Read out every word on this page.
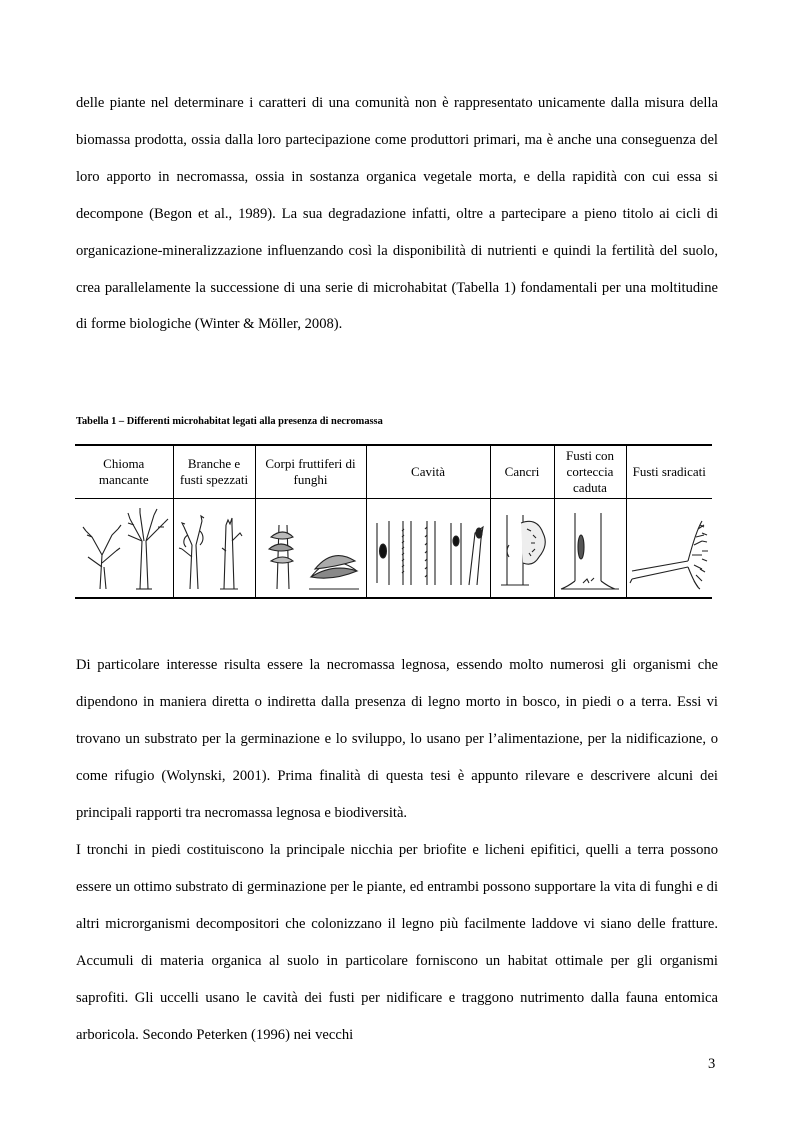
delle piante nel determinare i caratteri di una comunità non è rappresentato unicamente dalla misura della biomassa prodotta, ossia dalla loro partecipazione come produttori primari, ma è anche una conseguenza del loro apporto in necromassa, ossia in sostanza organica vegetale morta, e della rapidità con cui essa si decompone (Begon et al., 1989). La sua degradazione infatti, oltre a partecipare a pieno titolo ai cicli di organicazione-mineralizzazione influenzando così la disponibilità di nutrienti e quindi la fertilità del suolo, crea parallelamente la successione di una serie di microhabitat (Tabella 1) fondamentali per una moltitudine di forme biologiche (Winter & Möller, 2008).

Tabella 1 – Differenti microhabitat legati alla presenza di necromassa

Chioma mancante	Branche e fusti spezzati	Corpi fruttiferi di funghi	Cavità	Cancri	Fusti con corteccia caduta	Fusti sradicati

Di particolare interesse risulta essere la necromassa legnosa, essendo molto numerosi gli organismi che dipendono in maniera diretta o indiretta dalla presenza di legno morto in bosco, in piedi o a terra. Essi vi trovano un substrato per la germinazione e lo sviluppo, lo usano per l’alimentazione, per la nidificazione, o come rifugio (Wolynski, 2001). Prima finalità di questa tesi è appunto rilevare e descrivere alcuni dei principali rapporti tra necromassa legnosa e biodiversità.

I tronchi in piedi costituiscono la principale nicchia per briofite e licheni epifitici, quelli a terra possono essere un ottimo substrato di germinazione per le piante, ed entrambi possono supportare la vita di funghi e di altri microrganismi decompositori che colonizzano il legno più facilmente laddove vi siano delle fratture. Accumuli di materia organica al suolo in particolare forniscono un habitat ottimale per gli organismi saprofiti. Gli uccelli usano le cavità dei fusti per nidificare e traggono nutrimento dalla fauna entomica arboricola. Secondo Peterken (1996) nei vecchi

3
